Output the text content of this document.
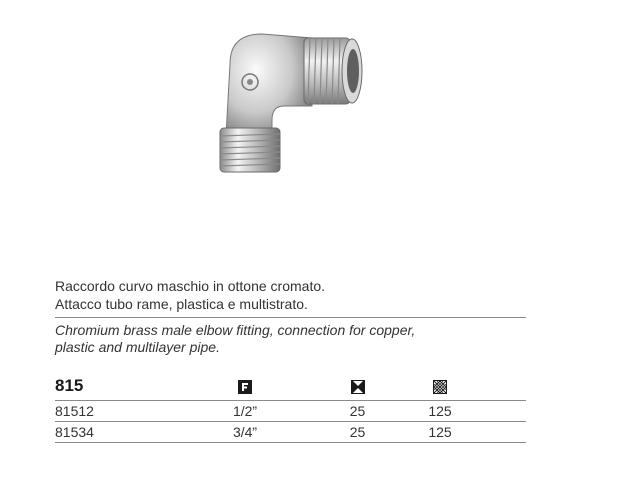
Raccordo curvo maschio in ottone cromato.
Attacco tubo rame, plastica e multistrato.
Chromium brass male elbow fitting, connection for copper,
plastic and multilayer pipe.
815				
81512	1/2”	25	125	
81534	3/4”	25	125	
